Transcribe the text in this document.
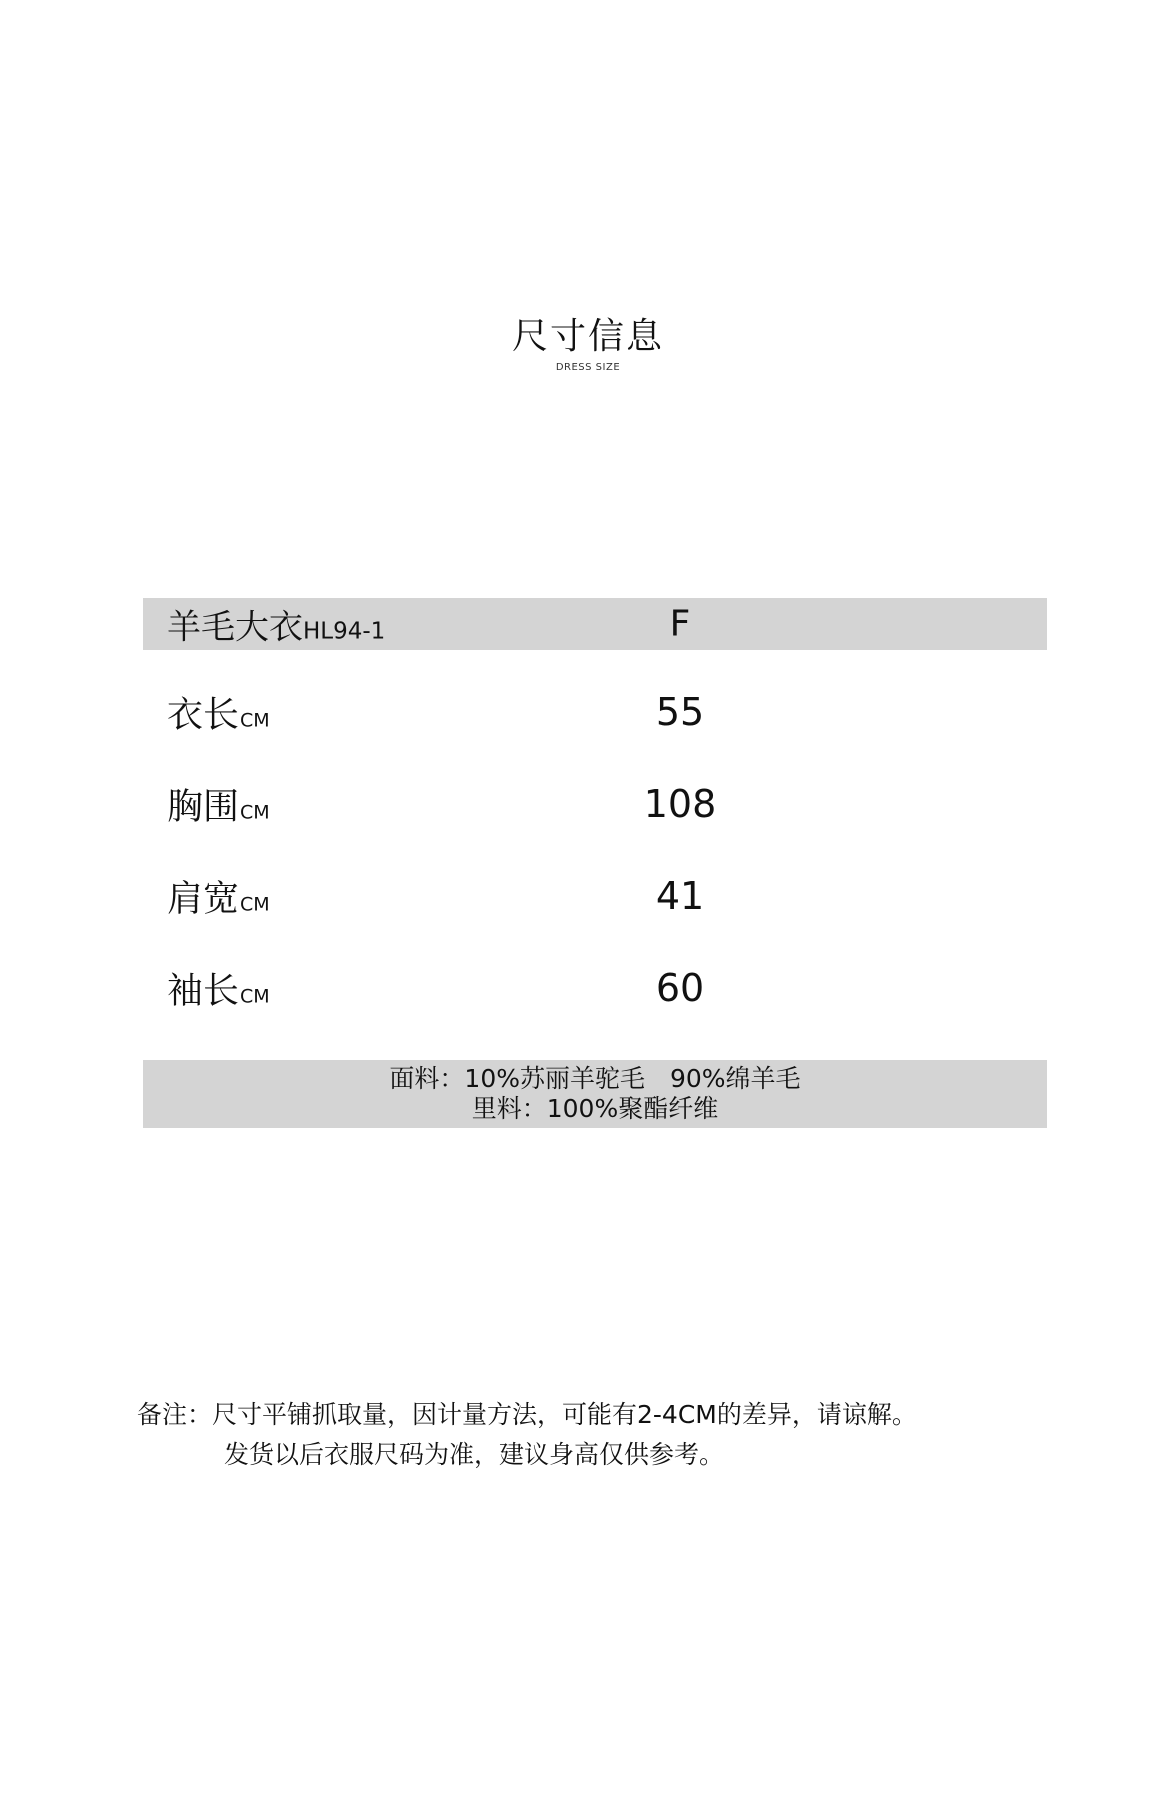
尺寸信息
DRESS SIZE
羊毛大衣HL94-1	F
衣长CM	55
胸围CM	108
肩宽CM	41
袖长CM	60
面料：10%苏丽羊驼毛　90%绵羊毛
里料：100%聚酯纤维
备注：尺寸平铺抓取量，因计量方法，可能有2-4CM的差异，请谅解。
发货以后衣服尺码为准，建议身高仅供参考。
